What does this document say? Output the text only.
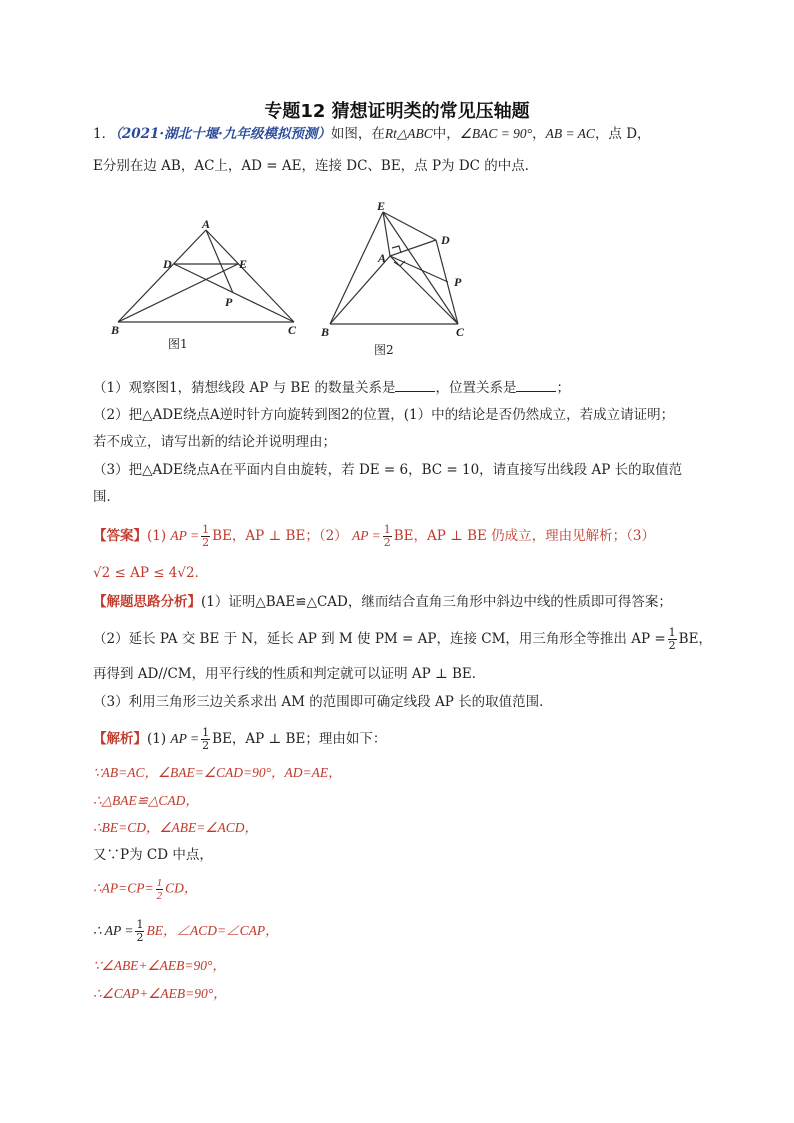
专题12 猜想证明类的常见压轴题
1．（2021·湖北十堰·九年级模拟预测）如图，在Rt△ABC中，∠BAC = 90°，AB = AC，点 D，
E分别在边 AB，AC上，AD = AE，连接 DC、BE，点 P为 DC 的中点．
A
B	C
D	E
P
图1
E
A
D
P
B	C
图2
（1）观察图1，猜想线段 AP 与 BE 的数量关系是	，位置关系是	；
（2）把△ADE绕点A逆时针方向旋转到图2的位置，(1）中的结论是否仍然成立，若成立请证明；
若不成立，请写出新的结论并说明理由；
（3）把△ADE绕点A在平面内自由旋转，若 DE = 6，BC = 10，请直接写出线段 AP 长的取值范
围．
【答案】(1) AP = $\frac{1}{2}$ BE，AP ⊥ BE；（2） AP = $\frac{1}{2}$ BE，AP ⊥ BE 仍成立，理由见解析；（3）
√2 ≤ AP ≤ 4√2．
【解题思路分析】(1）证明△BAE≌△CAD，继而结合直角三角形中斜边中线的性质即可得答案；
（2）延长 PA 交 BE 于 N，延长 AP 到 M 使 PM = AP，连接 CM，用三角形全等推出 AP = $\frac{1}{2}$ BE，
再得到 AD//CM，用平行线的性质和判定就可以证明 AP ⊥ BE．
（3）利用三角形三边关系求出 AM 的范围即可确定线段 AP 长的取值范围．
【解析】(1) AP = $\frac{1}{2}$ BE，AP ⊥ BE；理由如下：
∵AB=AC，∠BAE=∠CAD=90°，AD=AE，
∴△BAE≌△CAD，
∴BE=CD，∠ABE=∠ACD，
又∵P为 CD 中点，
∴AP=CP= $\frac{1}{2}$ CD，
∴ AP = $\frac{1}{2}$ BE，∠ACD=∠CAP，
∵∠ABE+∠AEB=90°，
∴∠CAP+∠AEB=90°，
